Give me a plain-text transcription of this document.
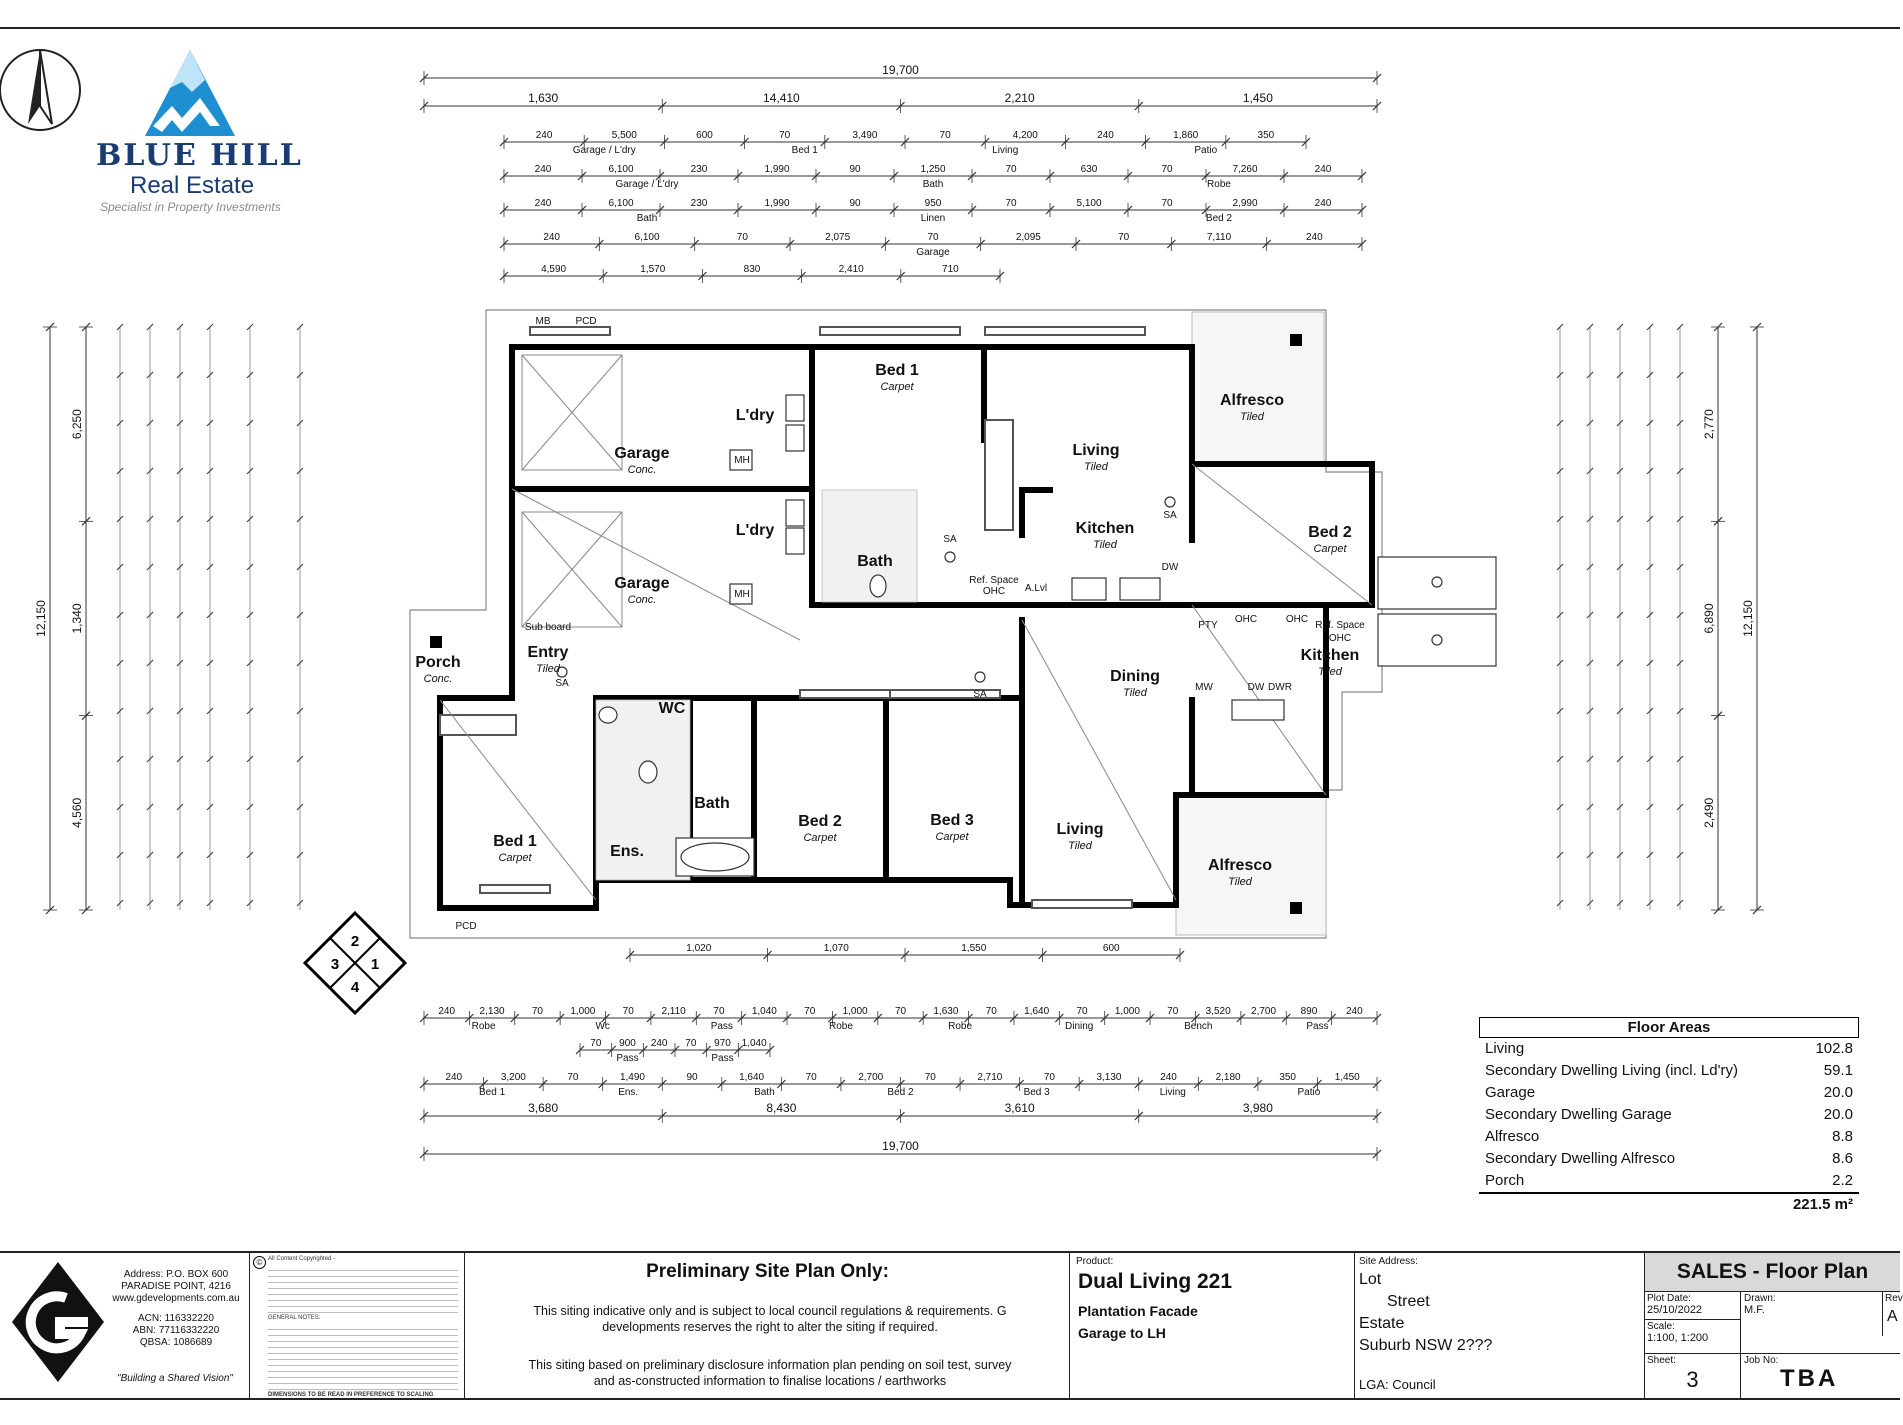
BLUE HILL
Real Estate
Specialist in Property Investments
19,700
1,630	14,410	2,210	1,450
240	5,500	600	70	3,490	70	4,200	240	1,860	350
Garage / L'dry	Bed 1	Living	Patio
240	6,100	230	1,990	90	1,250	70	630	70	7,260	240
Garage / L'dry	Bath	Robe
240	6,100	230	1,990	90	950	70	5,100	70	2,990	240
Bath	Linen	Bed 2
240	6,100	70	2,075	70	2,095	70	7,110	240
Garage
4,590	1,570	830	2,410	710
1,020	1,070	1,550	600
240 2,130	70	1,000	70	2,110	70	1,040	70	1,000	70	1,630	70	1,640	70	1,000	70	3,520 2,700 890	240
Robe	Wc	Pass	Robe	Robe	Dining	Bench	Pass
70 900 240 70 970 1,040
Pass	Pass
240	3,200	70	1,490	90	1,640	70	2,700	70	2,710	70	3,130	240	2,180	350	1,450
Bed 1	Ens.	Bath	Bed 2	Bed 3	Living	Patio
3,680	8,430	3,610	3,980
19,700
12,150
6,250
1,340
4,560
12,150
2,770
6,890
2,490
Garage
Conc.
L'dry
Bed 1
Carpet
Living
Tiled
Alfresco
Tiled
Garage
Conc.
L'dry
Bath
Kitchen
Tiled
Bed 2
Carpet
Porch
Conc.
Entry
Tiled
WC
Dining
Tiled
Kitchen
Tiled
Bath
Bed 1
Carpet	Ens.
Bed 2
Carpet
Bed 3
Carpet	Living
Tiled
Alfresco
Tiled
MB PCD
MH
MH
SA
SA
SA
SA
Ref. Space
OHC A.Lvl
DW
PTY
OHC	OHC
Ref. Space
OHC
MW	DW DWR
Sub board
PCD
2
3 1
4
Floor Areas
Living	102.8
Secondary Dwelling Living (incl. Ld'ry)	59.1
Garage	20.0
Secondary Dwelling Garage	20.0
Alfresco	8.8
Secondary Dwelling Alfresco	8.6
Porch	2.2
221.5 m²
Address: P.O. BOX 600
PARADISE POINT, 4216
www.gdevelopments.com.au
ACN: 116332220
ABN: 77116332220
QBSA: 1086689
"Building a Shared Vision"
All Content Copyrighted -
GENERAL NOTES:
DIMENSIONS TO BE READ IN PREFERENCE TO SCALING
©	Preliminary Site Plan Only:
This siting indicative only and is subject to local council regulations & requirements. G developments reserves the right to alter the siting if required.
This siting based on preliminary disclosure information plan pending on soil test, survey and as-constructed information to finalise locations / earthworks
Product:
Dual Living 221
Plantation Facade
Garage to LH
Site Address:
Lot
Street
Estate
Suburb NSW 2???
LGA: Council
SALES - Floor Plan
Plot Date:
25/10/2022
Drawn:
M.F.
Rev
A
Scale:
1:100, 1:200
Sheet:
3
Job No:
TBA
